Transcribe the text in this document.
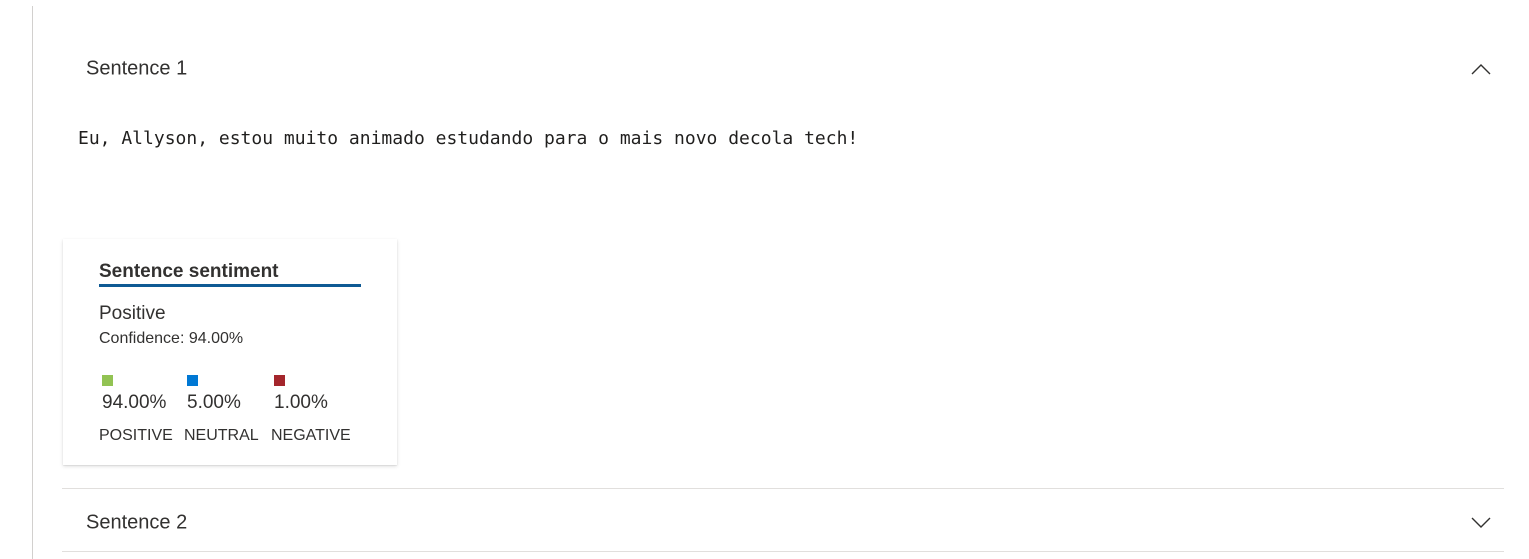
Sentence 1
Eu, Allyson, estou muito animado estudando para o mais novo decola tech!
Sentence sentiment
Positive
Confidence: 94.00%
94.00%
POSITIVE
5.00%
NEUTRAL
1.00%
NEGATIVE
Sentence 2
